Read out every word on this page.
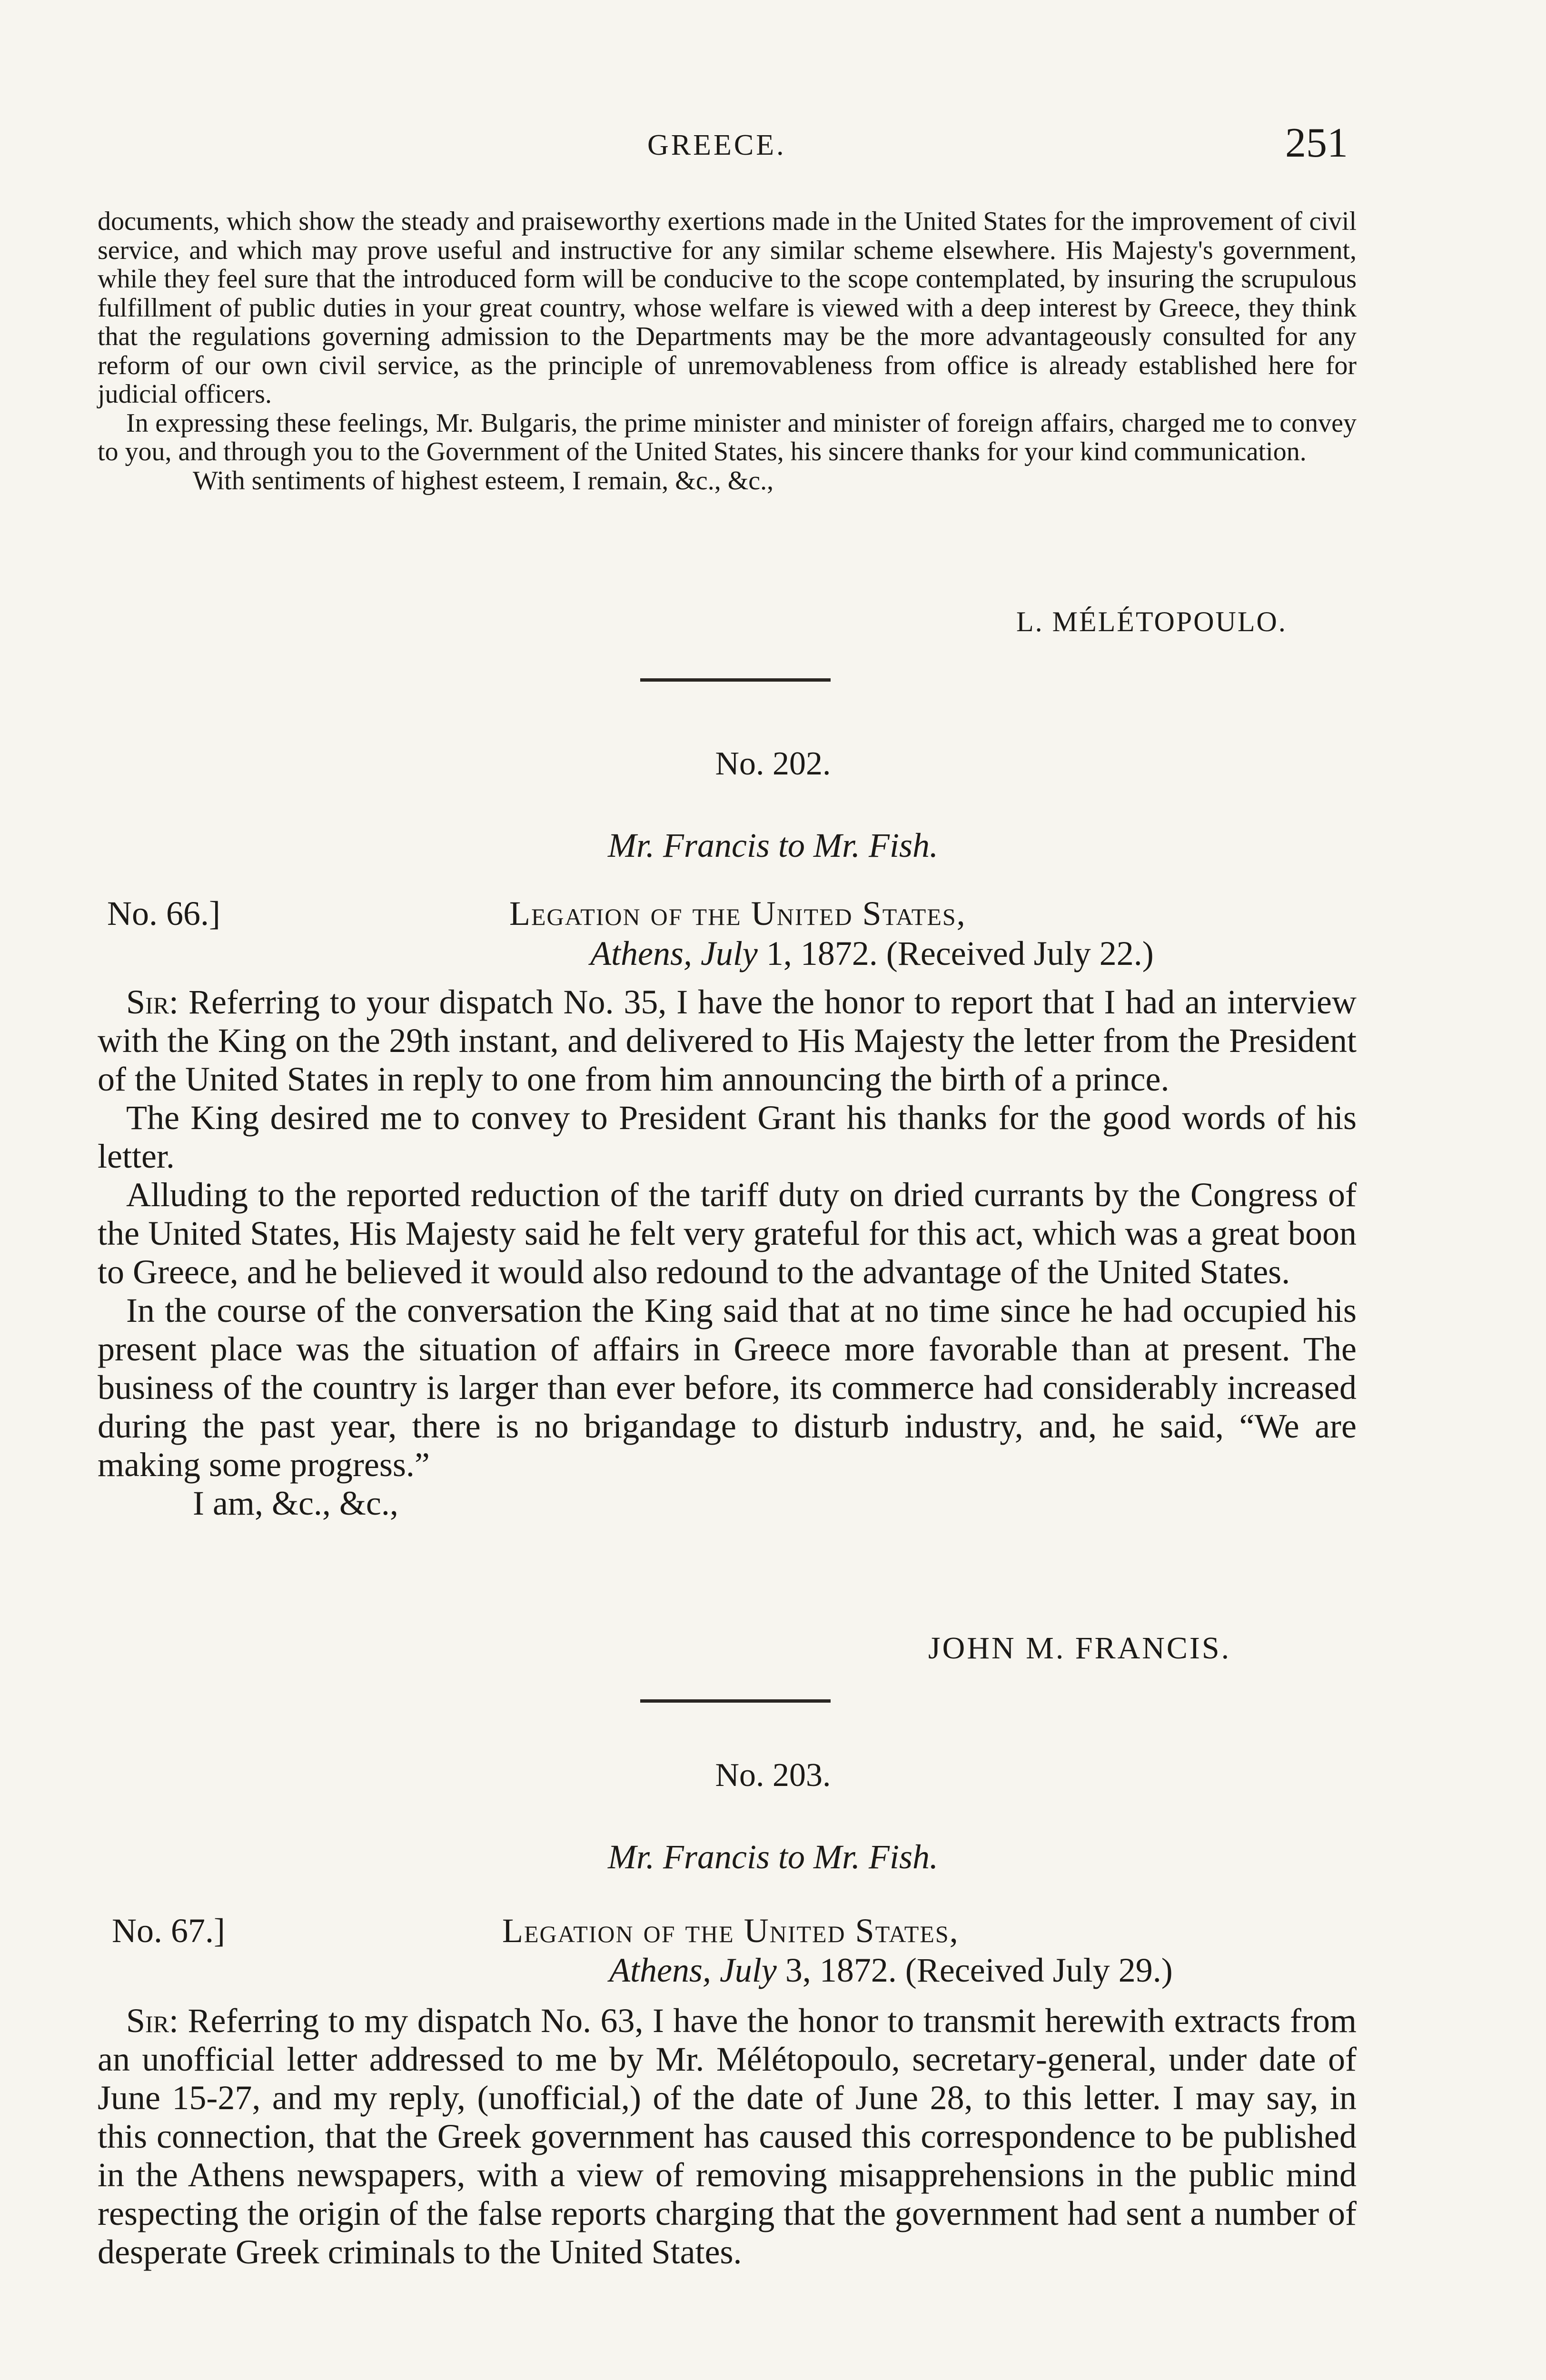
GREECE.	251

documents, which show the steady and praiseworthy exertions made in the United States for the improvement of civil service, and which may prove useful and instructive for any similar scheme elsewhere. His Majesty's government, while they feel sure that the introduced form will be conducive to the scope contemplated, by insuring the scrupulous fulfillment of public duties in your great country, whose welfare is viewed with a deep interest by Greece, they think that the regulations governing admission to the Departments may be the more advantageously consulted for any reform of our own civil service, as the principle of unremovableness from office is already established here for judicial officers.

In expressing these feelings, Mr. Bulgaris, the prime minister and minister of foreign affairs, charged me to convey to you, and through you to the Government of the United States, his sincere thanks for your kind communication.

With sentiments of highest esteem, I remain, &c., &c.,

L. MÉLÉTOPOULO.
No. 202.
Mr. Francis to Mr. Fish.
No. 66.]	Legation of the United States,
Athens, July 1, 1872. (Received July 22.)

Sir: Referring to your dispatch No. 35, I have the honor to report that I had an interview with the King on the 29th instant, and delivered to His Majesty the letter from the President of the United States in reply to one from him announcing the birth of a prince.

The King desired me to convey to President Grant his thanks for the good words of his letter.

Alluding to the reported reduction of the tariff duty on dried currants by the Congress of the United States, His Majesty said he felt very grateful for this act, which was a great boon to Greece, and he believed it would also redound to the advantage of the United States.

In the course of the conversation the King said that at no time since he had occupied his present place was the situation of affairs in Greece more favorable than at present. The business of the country is larger than ever before, its commerce had considerably increased during the past year, there is no brigandage to disturb industry, and, he said, “We are making some progress.”

I am, &c., &c.,

JOHN M. FRANCIS.
No. 203.
Mr. Francis to Mr. Fish.
No. 67.]	Legation of the United States,
Athens, July 3, 1872. (Received July 29.)

Sir: Referring to my dispatch No. 63, I have the honor to transmit herewith extracts from an unofficial letter addressed to me by Mr. Mélétopoulo, secretary-general, under date of June 15-27, and my reply, (unofficial,) of the date of June 28, to this letter. I may say, in this connection, that the Greek government has caused this correspondence to be published in the Athens newspapers, with a view of removing misapprehensions in the public mind respecting the origin of the false reports charging that the government had sent a number of desperate Greek criminals to the United States.
